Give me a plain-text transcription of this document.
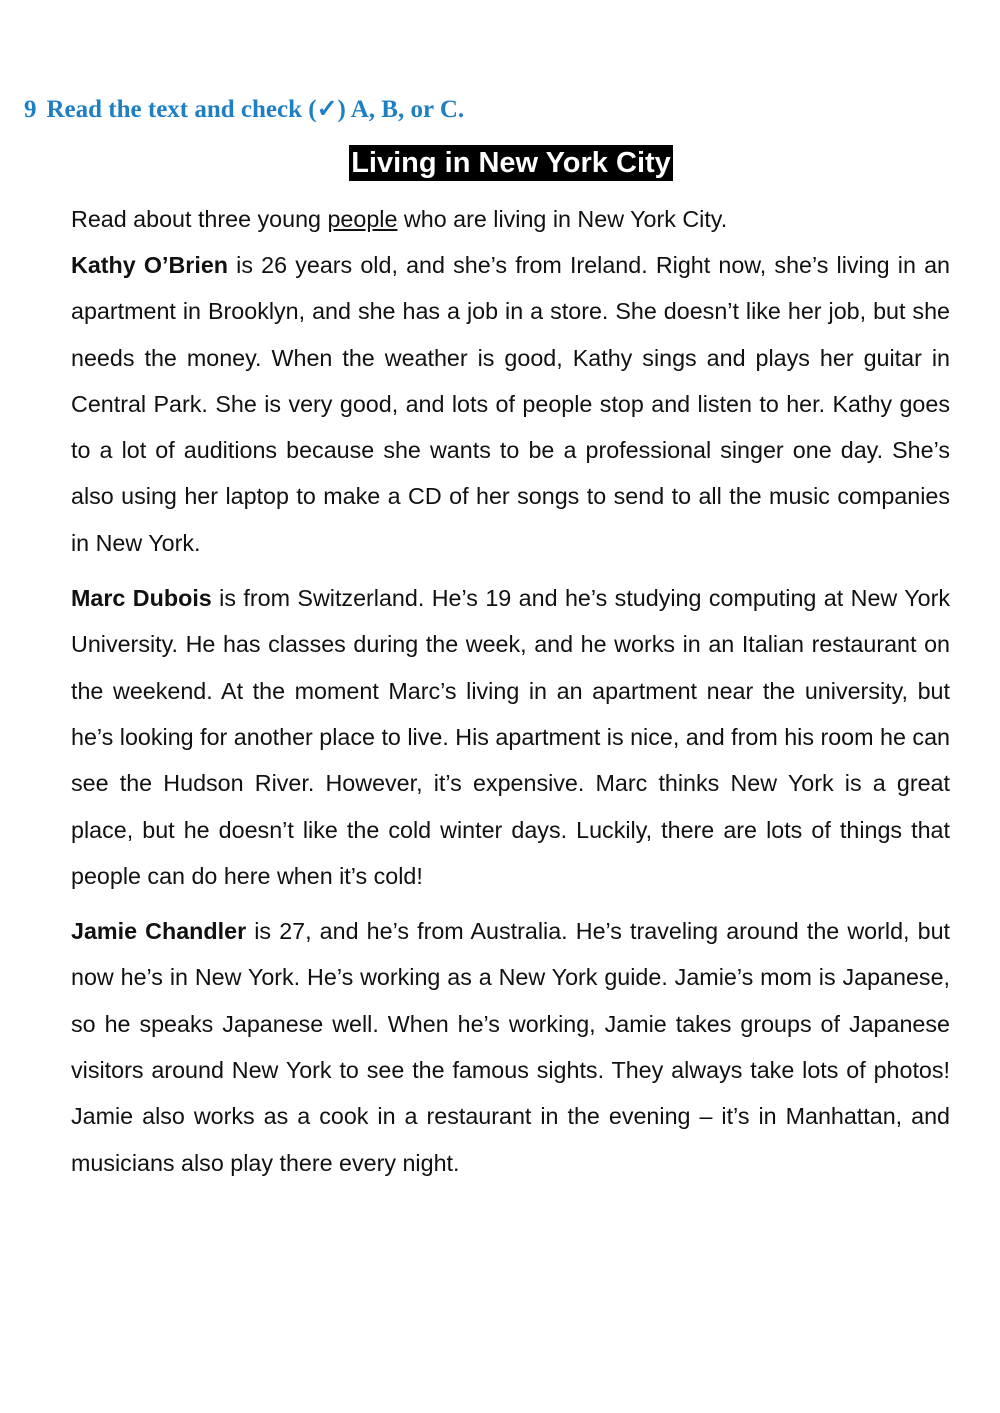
9 Read the text and check (✓) A, B, or C.
Living in New York City

Read about three young people who are living in New York City.

Kathy O’Brien is 26 years old, and she’s from Ireland. Right now, she’s living in an apartment in Brooklyn, and she has a job in a store. She doesn’t like her job, but she needs the money. When the weather is good, Kathy sings and plays her guitar in Central Park. She is very good, and lots of people stop and listen to her. Kathy goes to a lot of auditions because she wants to be a professional singer one day. She’s also using her laptop to make a CD of her songs to send to all the music companies in New York.

Marc Dubois is from Switzerland. He’s 19 and he’s studying computing at New York University. He has classes during the week, and he works in an Italian restaurant on the weekend. At the moment Marc’s living in an apartment near the university, but he’s looking for another place to live. His apartment is nice, and from his room he can see the Hudson River. However, it’s expensive. Marc thinks New York is a great place, but he doesn’t like the cold winter days. Luckily, there are lots of things that people can do here when it’s cold!

Jamie Chandler is 27, and he’s from Australia. He’s traveling around the world, but now he’s in New York. He’s working as a New York guide. Jamie’s mom is Japanese, so he speaks Japanese well. When he’s working, Jamie takes groups of Japanese visitors around New York to see the famous sights. They always take lots of photos! Jamie also works as a cook in a restaurant in the evening – it’s in Manhattan, and musicians also play there every night.
